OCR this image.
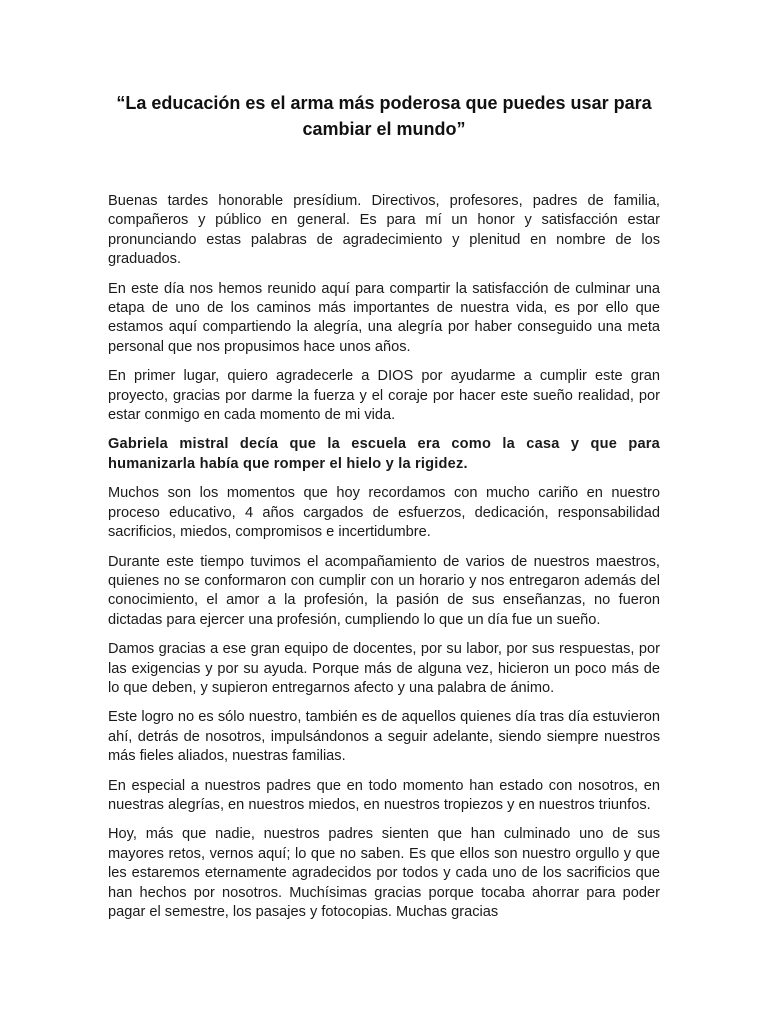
“La educación es el arma más poderosa que puedes usar para cambiar el mundo”

Buenas tardes honorable presídium. Directivos, profesores, padres de familia, compañeros y público en general. Es para mí un honor y satisfacción estar pronunciando estas palabras de agradecimiento y plenitud en nombre de los graduados.

En este día nos hemos reunido aquí para compartir la satisfacción de culminar una etapa de uno de los caminos más importantes de nuestra vida, es por ello que estamos aquí compartiendo la alegría, una alegría por haber conseguido una meta personal que nos propusimos hace unos años.

En primer lugar, quiero agradecerle a DIOS por ayudarme a cumplir este gran proyecto, gracias por darme la fuerza y el coraje por hacer este sueño realidad, por estar conmigo en cada momento de mi vida.

Gabriela mistral decía que la escuela era como la casa y que para humanizarla había que romper el hielo y la rigidez.

Muchos son los momentos que hoy recordamos con mucho cariño en nuestro proceso educativo, 4 años cargados de esfuerzos, dedicación, responsabilidad sacrificios, miedos, compromisos e incertidumbre.

Durante este tiempo tuvimos el acompañamiento de varios de nuestros maestros, quienes no se conformaron con cumplir con un horario y nos entregaron además del conocimiento, el amor a la profesión, la pasión de sus enseñanzas, no fueron dictadas para ejercer una profesión, cumpliendo lo que un día fue un sueño.

Damos gracias a ese gran equipo de docentes, por su labor, por sus respuestas, por las exigencias y por su ayuda. Porque más de alguna vez, hicieron un poco más de lo que deben, y supieron entregarnos afecto y una palabra de ánimo.

Este logro no es sólo nuestro, también es de aquellos quienes día tras día estuvieron ahí, detrás de nosotros, impulsándonos a seguir adelante, siendo siempre nuestros más fieles aliados, nuestras familias.

En especial a nuestros padres que en todo momento han estado con nosotros, en nuestras alegrías, en nuestros miedos, en nuestros tropiezos y en nuestros triunfos.

Hoy, más que nadie, nuestros padres sienten que han culminado uno de sus mayores retos, vernos aquí; lo que no saben. Es que ellos son nuestro orgullo y que les estaremos eternamente agradecidos por todos y cada uno de los sacrificios que han hechos por nosotros. Muchísimas gracias porque tocaba ahorrar para poder pagar el semestre, los pasajes y fotocopias. Muchas gracias
